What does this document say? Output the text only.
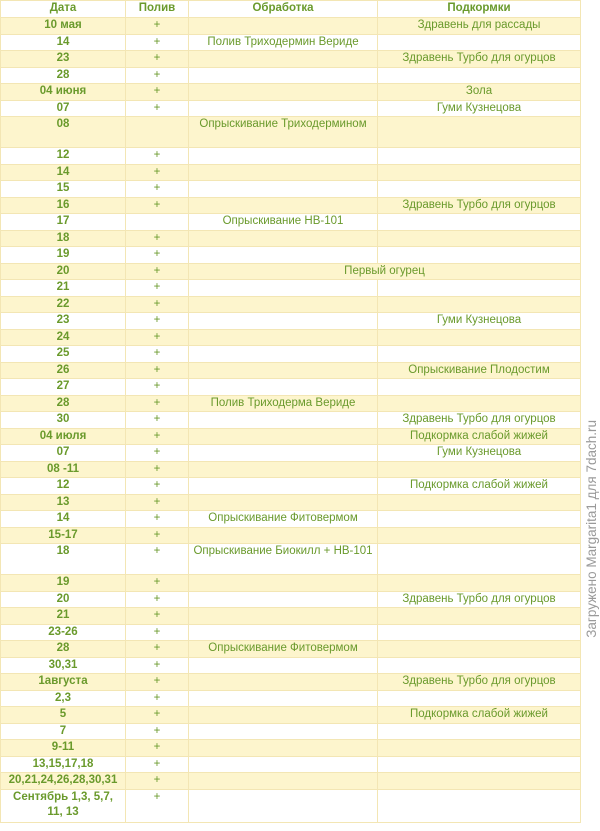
Дата	Полив	Обработка	Подкормки
10 мая	+		Здравень для рассады
14	+	Полив Триходермин Вериде	
23	+		Здравень Турбо для огурцов
28	+		
04 июня	+		Зола
07	+		Гуми Кузнецова
08		Опрыскивание Триходермином	
12	+		
14	+		
15	+		
16	+		Здравень Турбо для огурцов
17		Опрыскивание НВ-101	
18	+		
19	+		
20	+	Первый огурец	
21	+		
22	+		
23	+		Гуми Кузнецова
24	+		
25	+		
26	+		Опрыскивание Плодостим
27	+		
28	+	Полив Триходерма Вериде	
30	+		Здравень Турбо для огурцов
04 июля	+		Подкормка слабой жижей
07	+		Гуми Кузнецова
08 -11	+		
12	+		Подкормка слабой жижей
13	+		
14	+	Опрыскивание Фитовермом	
15-17	+		
18	+	Опрыскивание Биокилл + НВ-101	
19	+		
20	+		Здравень Турбо для огурцов
21	+		
23-26	+		
28	+	Опрыскивание Фитовермом	
30,31	+		
1августа	+		Здравень Турбо для огурцов
2,3	+		
5	+		Подкормка слабой жижей
7	+		
9-11	+		
13,15,17,18	+		
20,21,24,26,28,30,31	+		
Сентябрь 1,3, 5,7, 11, 13	+		
Загружено Margarita1 для 7dach.ru
